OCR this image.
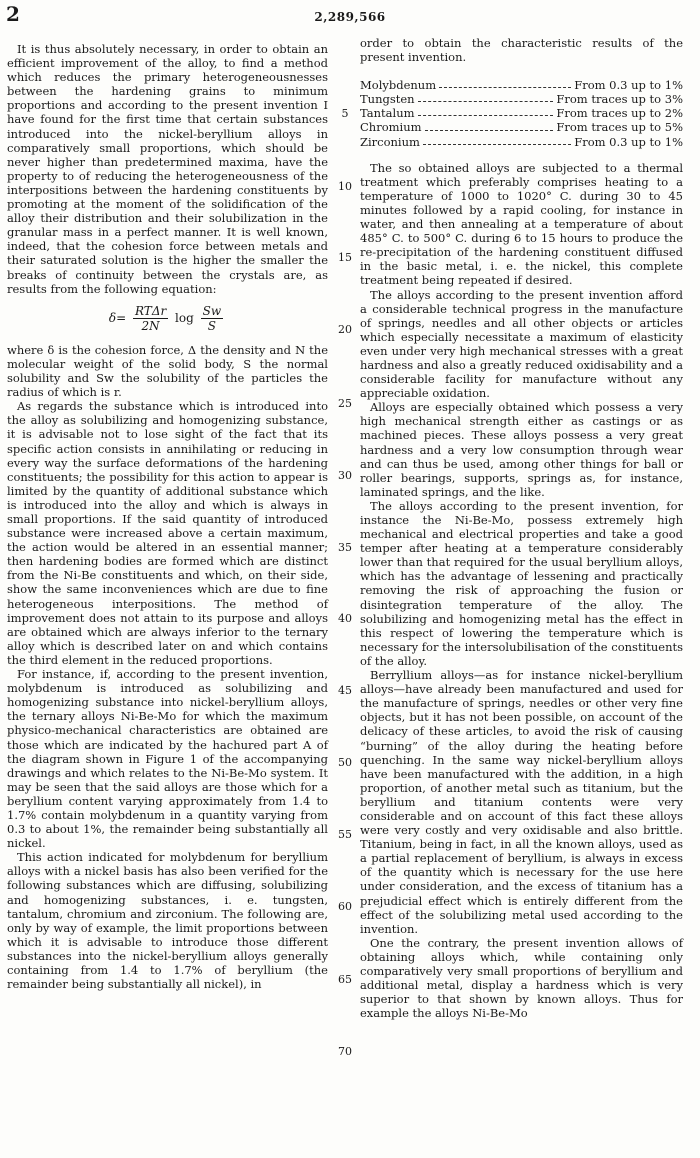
2	2,289,566

It is thus absolutely necessary, in order to obtain an efficient improvement of the alloy, to find a method which reduces the primary heterogeneousnesses between the hardening grains to minimum proportions and according to the present invention I have found for the first time that certain substances introduced into the nickel-beryllium alloys in comparatively small proportions, which should be never higher than predetermined maxima, have the property to of reducing the heterogeneousness of the interpositions between the hardening constituents by promoting at the moment of the solidification of the alloy their distribution and their solubilization in the granular mass in a perfect manner. It is well known, indeed, that the cohesion force between metals and their saturated solution is the higher the smaller the breaks of continuity between the crystals are, as results from the following equation:

$\delta= \frac{\text{RTΔr}}{2N}$ $\log \frac{Sw}{S}$

where δ is the cohesion force, Δ the density and N the molecular weight of the solid body, S the normal solubility and Sw the solubility of the particles the radius of which is r.

As regards the substance which is introduced into the alloy as solubilizing and homogenizing substance, it is advisable not to lose sight of the fact that its specific action consists in annihilating or reducing in every way the surface deformations of the hardening constituents; the possibility for this action to appear is limited by the quantity of additional substance which is introduced into the alloy and which is always in small proportions. If the said quantity of introduced substance were increased above a certain maximum, the action would be altered in an essential manner; then hardening bodies are formed which are distinct from the Ni-Be constituents and which, on their side, show the same inconveniences which are due to fine heterogeneous interpositions. The method of improvement does not attain to its purpose and alloys are obtained which are always inferior to the ternary alloy which is described later on and which contains the third element in the reduced proportions.

For instance, if, according to the present invention, molybdenum is introduced as solubilizing and homogenizing substance into nickel-beryllium alloys, the ternary alloys Ni-Be-Mo for which the maximum physico-mechanical characteristics are obtained are those which are indicated by the hachured part A of the diagram shown in Figure 1 of the accompanying drawings and which relates to the Ni-Be-Mo system. It may be seen that the said alloys are those which for a beryllium content varying approximately from 1.4 to 1.7% contain molybdenum in a quantity varying from 0.3 to about 1%, the remainder being substantially all nickel.

This action indicated for molybdenum for beryllium alloys with a nickel basis has also been verified for the following substances which are diffusing, solubilizing and homogenizing substances, i. e. tungsten, tantalum, chromium and zirconium. The following are, only by way of example, the limit proportions between which it is advisable to introduce those different substances into the nickel-beryllium alloys generally containing from 1.4 to 1.7% of beryllium (the remainder being substantially all nickel), in

5
10
15
20
25
30
35
40
45
50
55
60
65
70

order to obtain the characteristic results of the present invention.

Molybdenum	From 0.3 up to 1%
Tungsten	From traces up to 3%
Tantalum	From traces up to 2%
Chromium	From traces up to 5%
Zirconium	From 0.3 up to 1%

The so obtained alloys are subjected to a thermal treatment which preferably comprises heating to a temperature of 1000 to 1020° C. during 30 to 45 minutes followed by a rapid cooling, for instance in water, and then annealing at a temperature of about 485° C. to 500° C. during 6 to 15 hours to produce the re-precipitation of the hardening constituent diffused in the basic metal, i. e. the nickel, this complete treatment being repeated if desired.

The alloys according to the present invention afford a considerable technical progress in the manufacture of springs, needles and all other objects or articles which especially necessitate a maximum of elasticity even under very high mechanical stresses with a great hardness and also a greatly reduced oxidisability and a considerable facility for manufacture without any appreciable oxidation.

Alloys are especially obtained which possess a very high mechanical strength either as castings or as machined pieces. These alloys possess a very great hardness and a very low consumption through wear and can thus be used, among other things for ball or roller bearings, supports, springs as, for instance, laminated springs, and the like.

The alloys according to the present invention, for instance the Ni-Be-Mo, possess extremely high mechanical and electrical properties and take a good temper after heating at a temperature considerably lower than that required for the usual beryllium alloys, which has the advantage of lessening and practically removing the risk of approaching the fusion or disintegration temperature of the alloy. The solubilizing and homogenizing metal has the effect in this respect of lowering the temperature which is necessary for the intersolubilisation of the constituents of the alloy.

Berryllium alloys—as for instance nickel-beryllium alloys—have already been manufactured and used for the manufacture of springs, needles or other very fine objects, but it has not been possible, on account of the delicacy of these articles, to avoid the risk of causing “burning” of the alloy during the heating before quenching. In the same way nickel-beryllium alloys have been manufactured with the addition, in a high proportion, of another metal such as titanium, but the beryllium and titanium contents were very considerable and on account of this fact these alloys were very costly and very oxidisable and also brittle. Titanium, being in fact, in all the known alloys, used as a partial replacement of beryllium, is always in excess of the quantity which is necessary for the use here under consideration, and the excess of titanium has a prejudicial effect which is entirely different from the effect of the solubilizing metal used according to the invention.

One the contrary, the present invention allows of obtaining alloys which, while containing only comparatively very small proportions of beryllium and additional metal, display a hardness which is very superior to that shown by known alloys. Thus for example the alloys Ni-Be-Mo
